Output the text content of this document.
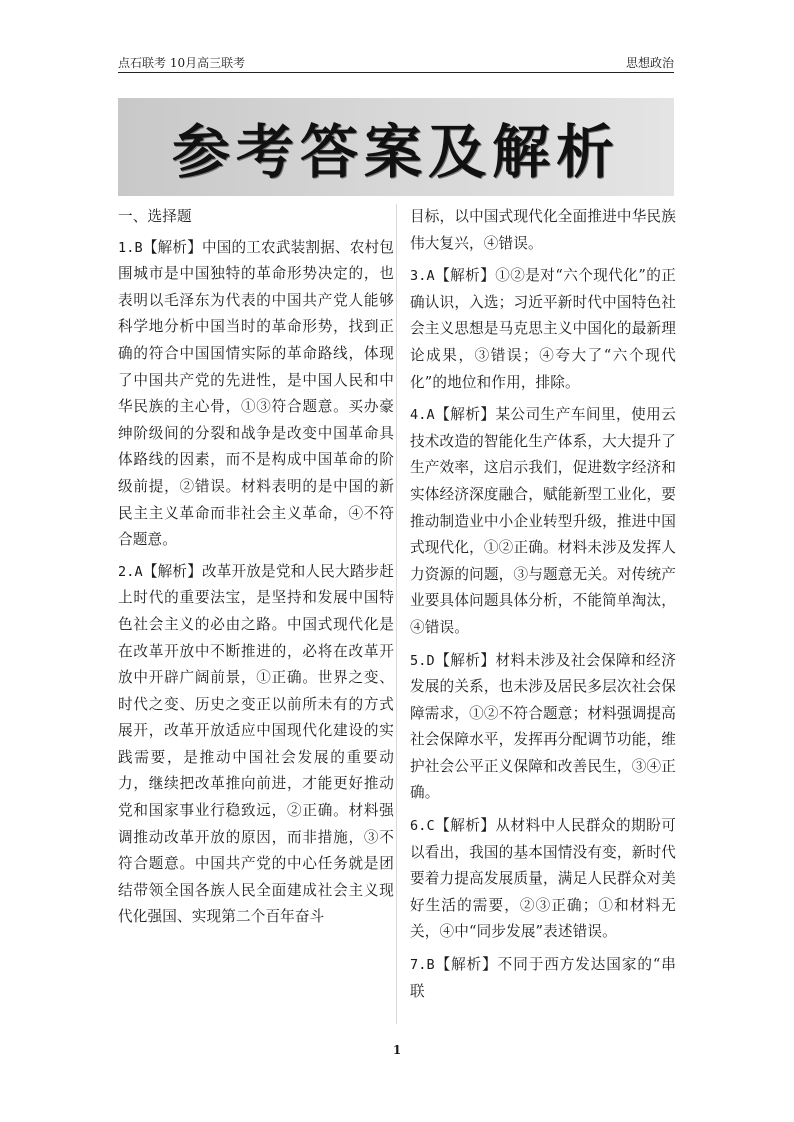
点石联考 10月高三联考	思想政治
参考答案及解析

一、选择题

1.B【解析】中国的工农武装割据、农村包围城市是中国独特的革命形势决定的，也表明以毛泽东为代表的中国共产党人能够科学地分析中国当时的革命形势，找到正确的符合中国国情实际的革命路线，体现了中国共产党的先进性，是中国人民和中华民族的主心骨，①③符合题意。买办豪绅阶级间的分裂和战争是改变中国革命具体路线的因素，而不是构成中国革命的阶级前提，②错误。材料表明的是中国的新民主主义革命而非社会主义革命，④不符合题意。

2.A【解析】改革开放是党和人民大踏步赶上时代的重要法宝，是坚持和发展中国特色社会主义的必由之路。中国式现代化是在改革开放中不断推进的，必将在改革开放中开辟广阔前景，①正确。世界之变、时代之变、历史之变正以前所未有的方式展开，改革开放适应中国现代化建设的实践需要，是推动中国社会发展的重要动力，继续把改革推向前进，才能更好推动党和国家事业行稳致远，②正确。材料强调推动改革开放的原因，而非措施，③不符合题意。中国共产党的中心任务就是团结带领全国各族人民全面建成社会主义现代化强国、实现第二个百年奋斗

目标，以中国式现代化全面推进中华民族伟大复兴，④错误。

3.A【解析】①②是对“六个现代化”的正确认识，入选；习近平新时代中国特色社会主义思想是马克思主义中国化的最新理论成果，③错误；④夸大了“六个现代化”的地位和作用，排除。

4.A【解析】某公司生产车间里，使用云技术改造的智能化生产体系，大大提升了生产效率，这启示我们，促进数字经济和实体经济深度融合，赋能新型工业化，要推动制造业中小企业转型升级，推进中国式现代化，①②正确。材料未涉及发挥人力资源的问题，③与题意无关。对传统产业要具体问题具体分析，不能简单淘汰，④错误。

5.D【解析】材料未涉及社会保障和经济发展的关系，也未涉及居民多层次社会保障需求，①②不符合题意；材料强调提高社会保障水平，发挥再分配调节功能，维护社会公平正义保障和改善民生，③④正确。

6.C【解析】从材料中人民群众的期盼可以看出，我国的基本国情没有变，新时代要着力提高发展质量，满足人民群众对美好生活的需要，②③正确；①和材料无关，④中“同步发展”表述错误。

7.B【解析】不同于西方发达国家的“串联

1
